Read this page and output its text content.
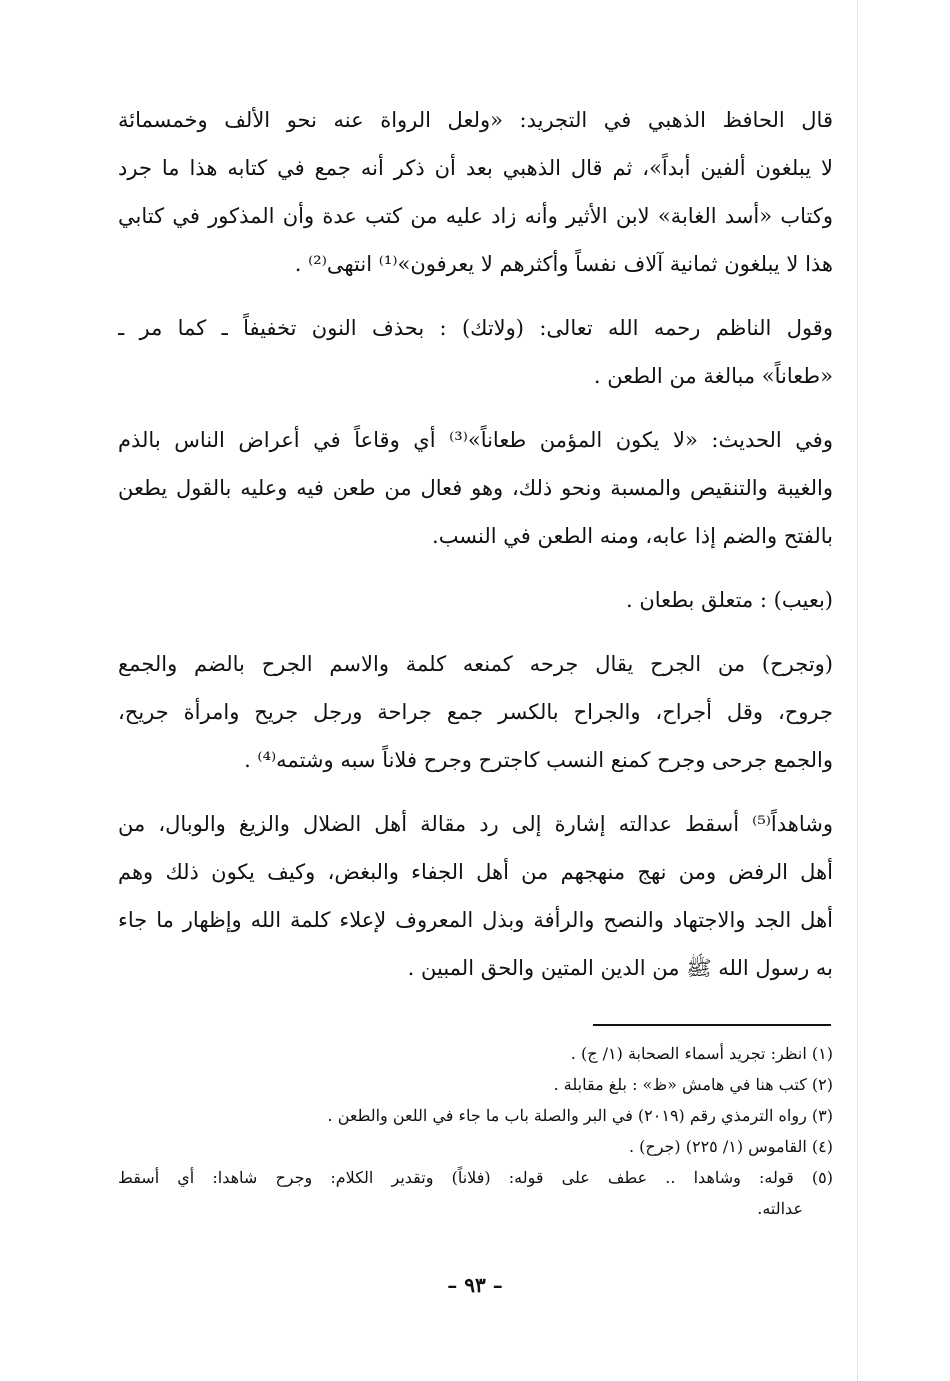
قال الحافظ الذهبي في التجريد: «ولعل الرواة عنه نحو الألف وخمسمائة
لا يبلغون ألفين أبداً»، ثم قال الذهبي بعد أن ذكر أنه جمع في كتابه هذا ما جرد
وكتاب «أسد الغابة» لابن الأثير وأنه زاد عليه من كتب عدة وأن المذكور في كتابي
هذا لا يبلغون ثمانية آلاف نفساً وأكثرهم لا يعرفون»⁽¹⁾ انتهى⁽²⁾ .

وقول الناظم رحمه الله تعالى: (ولاتك) : بحذف النون تخفيفاً ـ كما مر ـ
«طعاناً» مبالغة من الطعن .

وفي الحديث: «لا يكون المؤمن طعاناً»⁽³⁾ أي وقاعاً في أعراض الناس بالذم
والغيبة والتنقيص والمسبة ونحو ذلك، وهو فعال من طعن فيه وعليه بالقول يطعن
بالفتح والضم إذا عابه، ومنه الطعن في النسب.

(بعيب) : متعلق بطعان .

(وتجرح) من الجرح يقال جرحه كمنعه كلمة والاسم الجرح بالضم والجمع
جروح، وقل أجراح، والجراح بالكسر جمع جراحة ورجل جريح وامرأة جريح،
والجمع جرحى وجرح كمنع النسب كاجترح وجرح فلاناً سبه وشتمه⁽⁴⁾ .

وشاهداً⁽⁵⁾ أسقط عدالته إشارة إلى رد مقالة أهل الضلال والزيغ والوبال، من
أهل الرفض ومن نهج منهجهم من أهل الجفاء والبغض، وكيف يكون ذلك وهم
أهل الجد والاجتهاد والنصح والرأفة وبذل المعروف لإعلاء كلمة الله وإظهار ما جاء
به رسول الله ﷺ من الدين المتين والحق المبين .

(١) انظر: تجريد أسماء الصحابة (١/ ج) .
(٢) كتب هنا في هامش «ظ» : بلغ مقابلة .
(٣) رواه الترمذي رقم (٢٠١٩) في البر والصلة باب ما جاء في اللعن والطعن .
(٤) القاموس (١/ ٢٢٥) (جرح) .
(٥) قوله: وشاهدا .. عطف على قوله: (فلاناً) وتقدير الكلام: وجرح شاهدا: أي أسقط
عدالته.
– ٩٣ –
